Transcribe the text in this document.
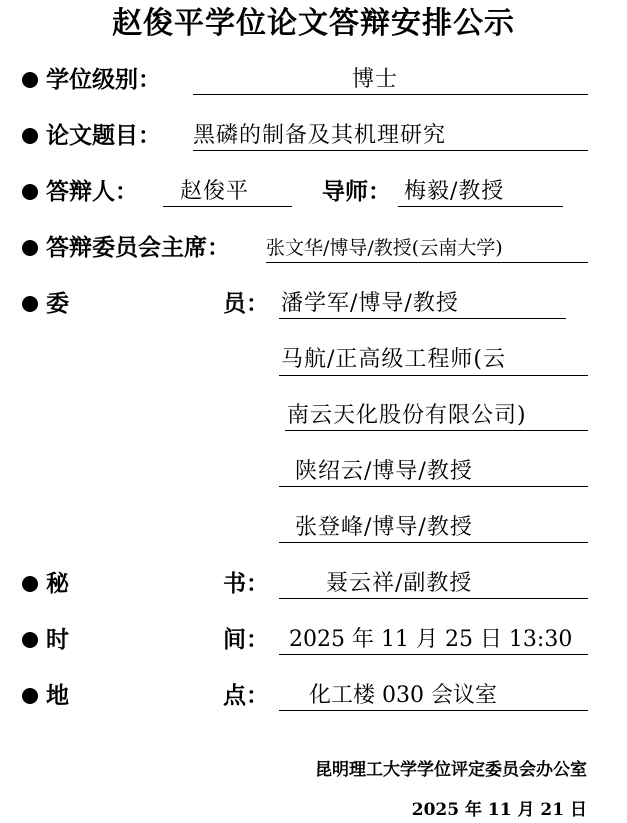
赵俊平学位论文答辩安排公示
学位级别：	博士
论文题目： 黑磷的制备及其机理研究
答辩人： 赵俊平	导师： 梅毅/教授
答辩委员会主席： 张文华/博导/教授(云南大学)
委	员： 潘学军/博导/教授
马航/正高级工程师(云
南云天化股份有限公司)
陕绍云/博导/教授
张登峰/博导/教授
秘	书：	聂云祥/副教授
时	间： 2025 年 11 月 25 日 13:30
地	点： 化工楼 030 会议室
昆明理工大学学位评定委员会办公室
2025 年 11 月 21 日
